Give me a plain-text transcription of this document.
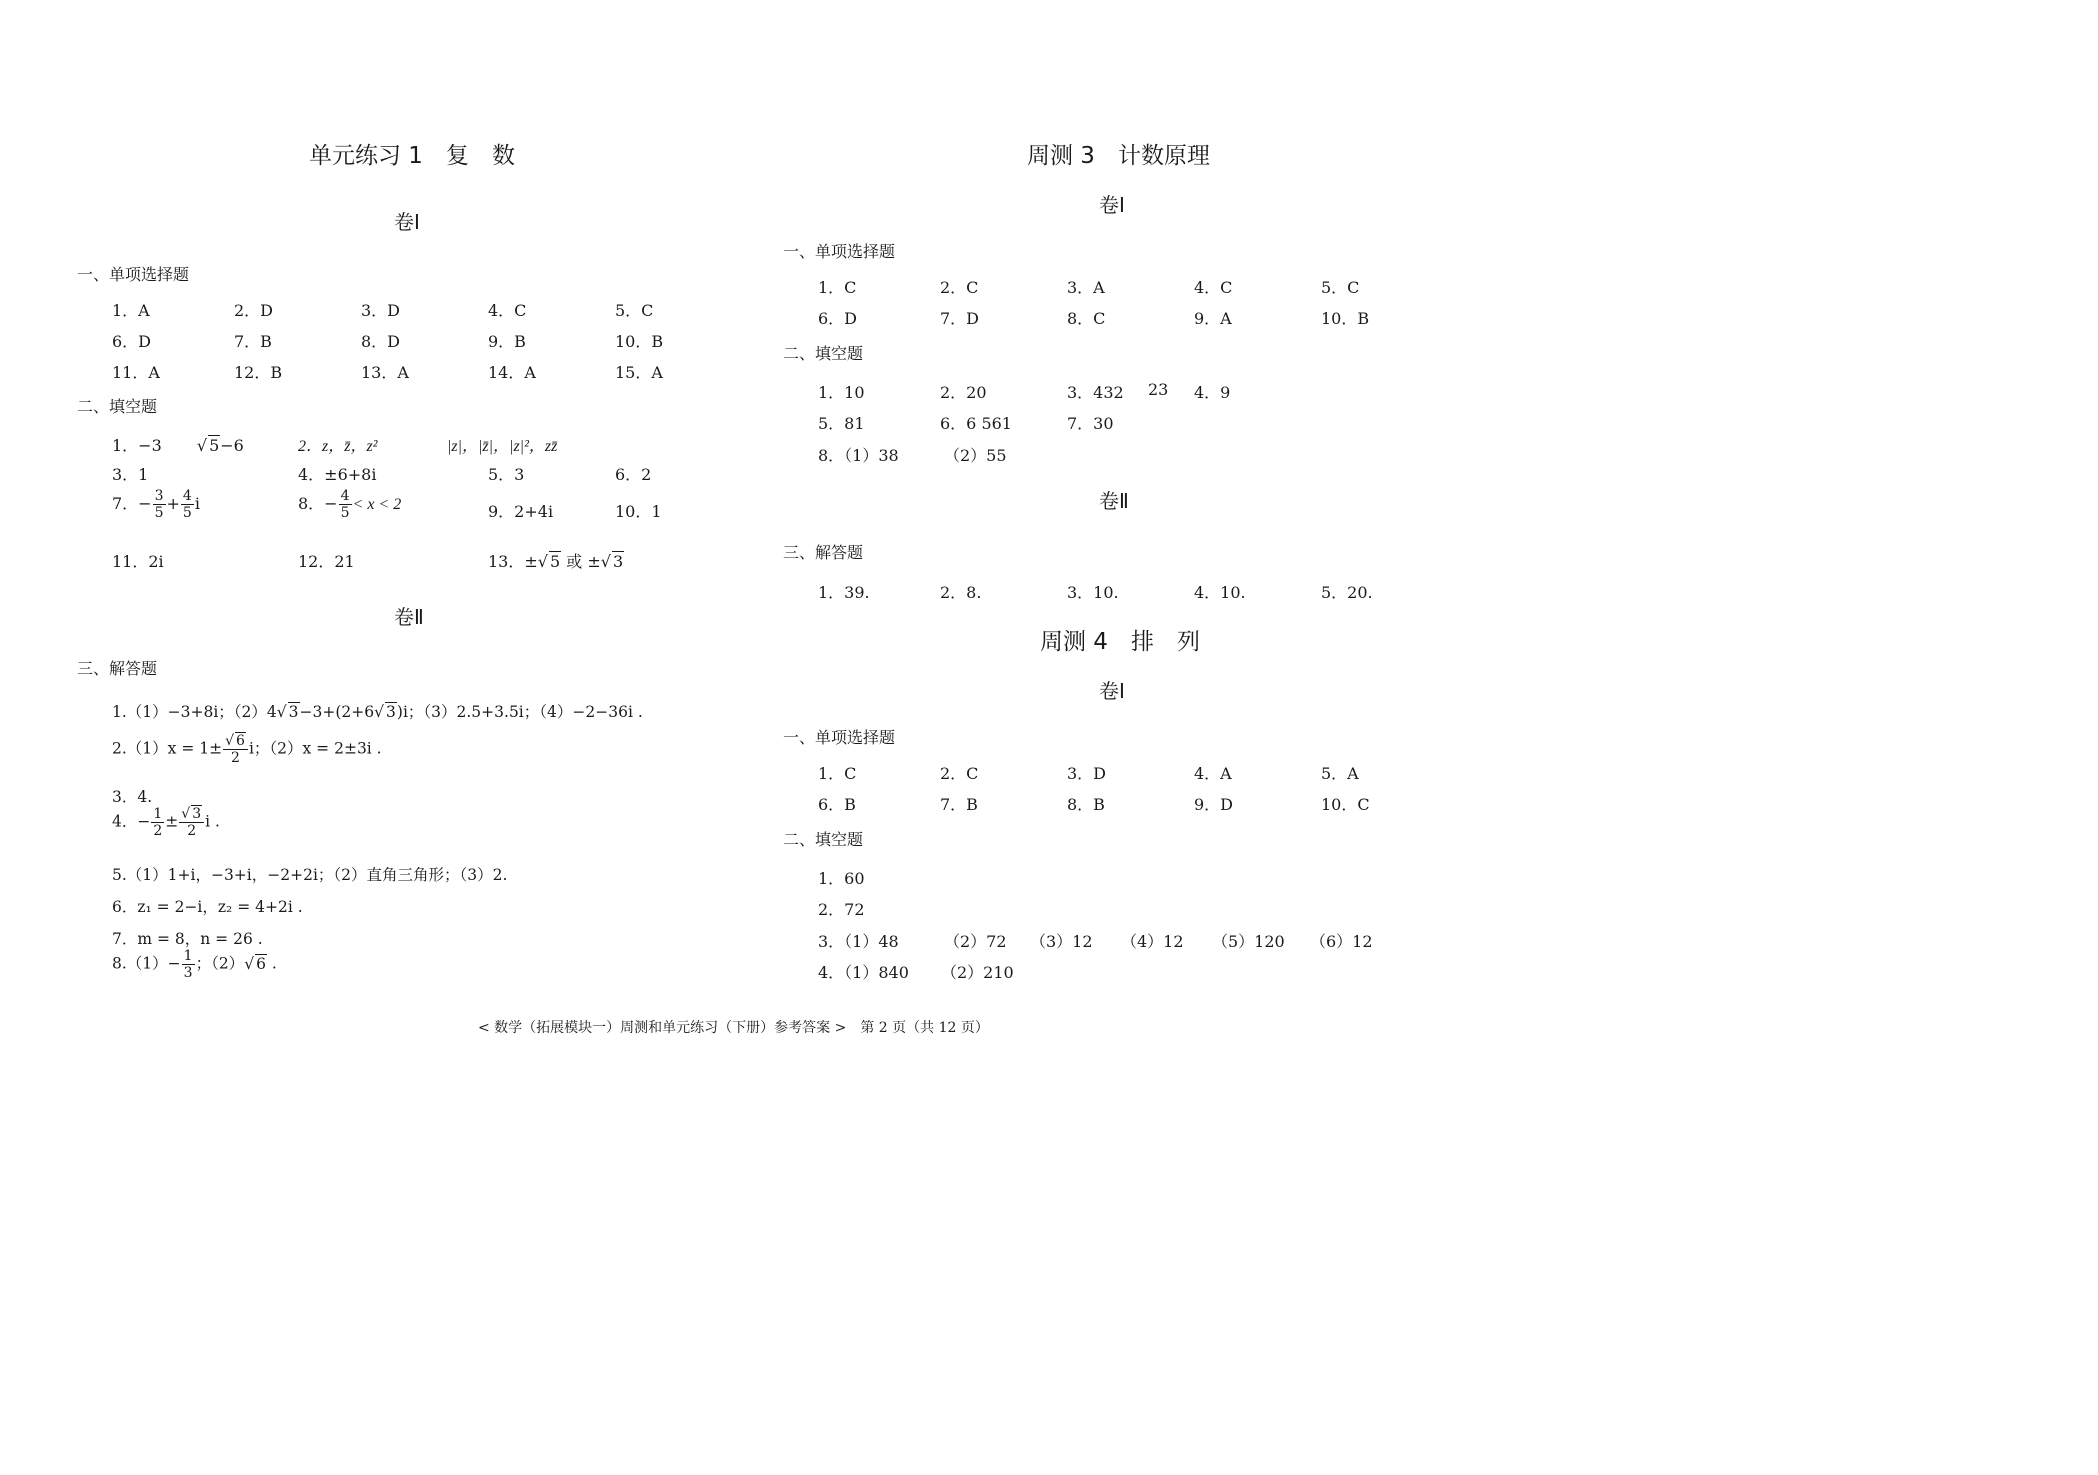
单元练习 1　复　数
卷Ⅰ
一、单项选择题
1．A	2．D	3．D	4．C	5．C
6．D	7．B	8．D	9．B	10．B
11．A	12．B	13．A	14．A	15．A
二、填空题
1．−3 √ 5−6	2．z，z̄，z²	|z|，|z̄|，|z|²，zz̄
3．1	4．±6+8i	5．3	6．2
7．− $\frac{3}{5} + \frac{4}{5}$ i	8．− $\frac{4}{5} < x < 2$	9．2+4i	10．1
11．2i	12．21	13．±√ 5 或 ±√ 3
卷Ⅱ
三、解答题
1.（1）−3+8i；（2）4√ 3−3+(2+6√ 3)i；（3）2.5+3.5i；（4）−2−36i .
$2.(1)x = 1\pm \frac{√ 6}{2}$ i；（2）x = 2±3i .
3．4.
4．− $\frac{1}{2} \pm \frac{√ 3}{2}$ i .
5.（1）1+i，−3+i，−2+2i；（2）直角三角形；（3）2.
6．z₁ = 2−i，z₂ = 4+2i .
7．m = 8，n = 26 .
$8.(1)- \frac{1}{3}$ ；（2）√ 6 .
周测 3　计数原理
卷Ⅰ
一、单项选择题
1．C	2．C	3．A	4．C	5．C
6．D	7．D	8．C	9．A	10．B
二、填空题
1．10	2．20	3．432 23 4．9
5．81	6．6 561	7．30
8．（1）38	（2）55
卷Ⅱ
三、解答题
1．39.	2．8.	3．10.	4．10.	5．20.
周测 4　排　列
卷Ⅰ
一、单项选择题
1．C	2．C	3．D	4．A	5．A
6．B	7．B	8．B	9．D	10．C
二、填空题
1．60
2．72
3．（1）48	（2）72 （3）12 （4）12 （5）120 （6）12
4．（1）840 （2）210
< 数学（拓展模块一）周测和单元练习（下册）参考答案 >　第 2 页（共 12 页）
